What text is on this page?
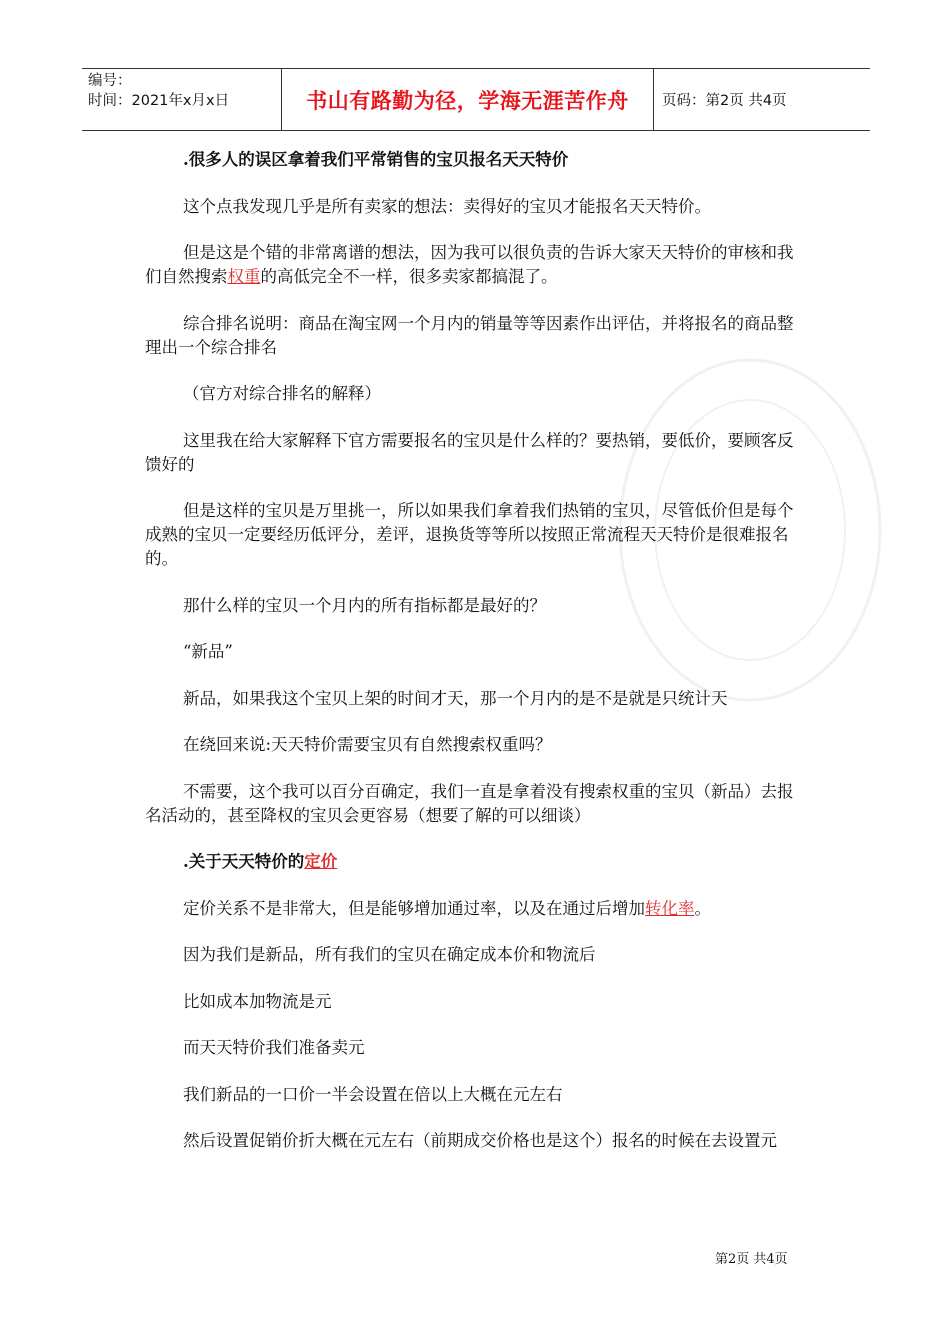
编号：
时间：2021年x月x日	书山有路勤为径，学海无涯苦作舟	页码：第2页 共4页

.很多人的误区拿着我们平常销售的宝贝报名天天特价

这个点我发现几乎是所有卖家的想法：卖得好的宝贝才能报名天天特价。

但是这是个错的非常离谱的想法，因为我可以很负责的告诉大家天天特价的审核和我们自然搜索权重的高低完全不一样，很多卖家都搞混了。

综合排名说明：商品在淘宝网一个月内的销量等等因素作出评估，并将报名的商品整理出一个综合排名

（官方对综合排名的解释）

这里我在给大家解释下官方需要报名的宝贝是什么样的？要热销，要低价，要顾客反馈好的

但是这样的宝贝是万里挑一，所以如果我们拿着我们热销的宝贝，尽管低价但是每个成熟的宝贝一定要经历低评分，差评，退换货等等所以按照正常流程天天特价是很难报名的。

那什么样的宝贝一个月内的所有指标都是最好的？

“新品”

新品，如果我这个宝贝上架的时间才天，那一个月内的是不是就是只统计天

在绕回来说:天天特价需要宝贝有自然搜索权重吗？

不需要，这个我可以百分百确定，我们一直是拿着没有搜索权重的宝贝（新品）去报名活动的，甚至降权的宝贝会更容易（想要了解的可以细谈）

.关于天天特价的定价

定价关系不是非常大，但是能够增加通过率，以及在通过后增加转化率。

因为我们是新品，所有我们的宝贝在确定成本价和物流后

比如成本加物流是元

而天天特价我们准备卖元

我们新品的一口价一半会设置在倍以上大概在元左右

然后设置促销价折大概在元左右（前期成交价格也是这个）报名的时候在去设置元

第2页 共4页
